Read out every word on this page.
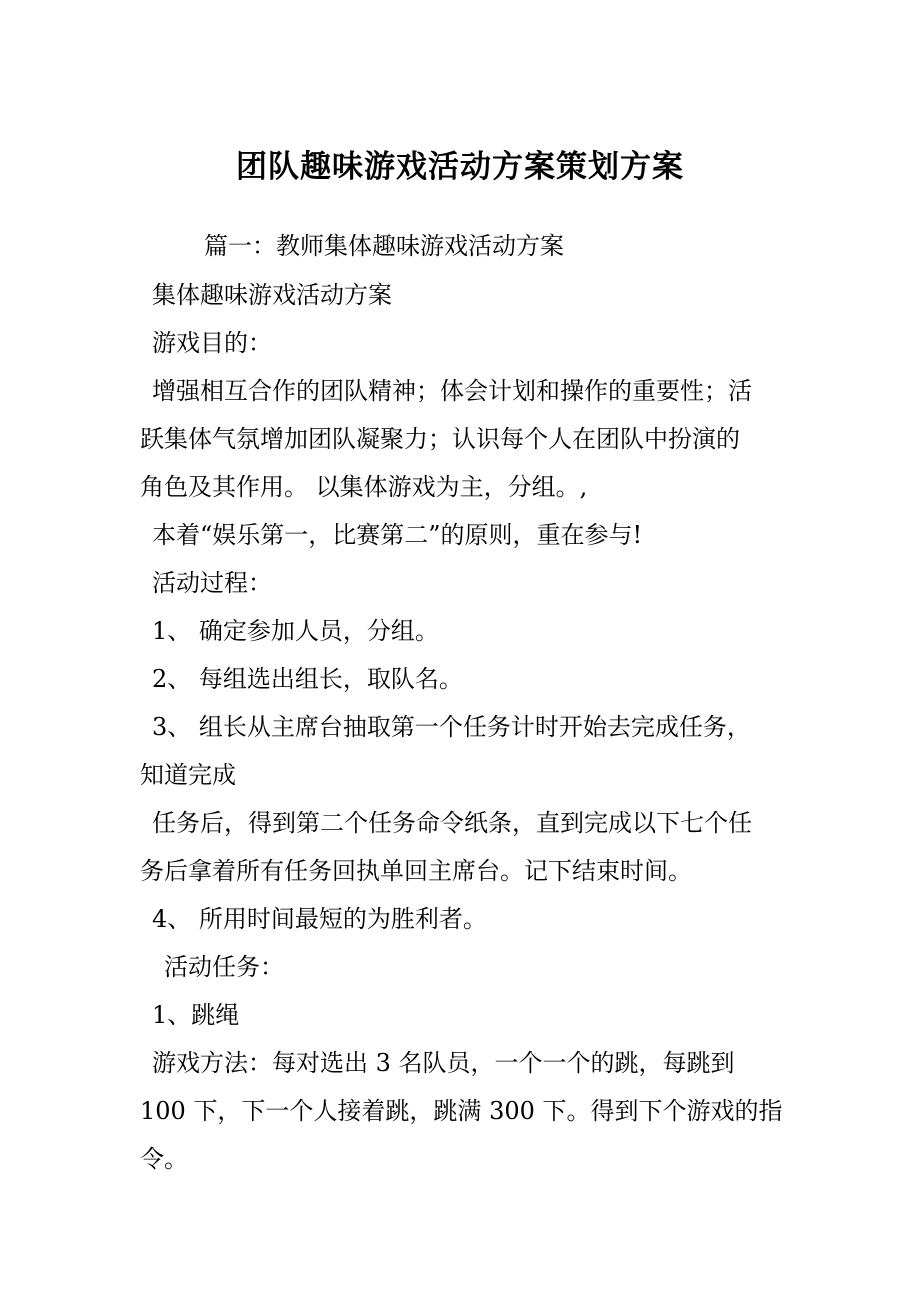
团队趣味游戏活动方案策划方案

篇一：教师集体趣味游戏活动方案

集体趣味游戏活动方案

游戏目的：

增强相互合作的团队精神；体会计划和操作的重要性；活

跃集体气氛增加团队凝聚力；认识每个人在团队中扮演的

角色及其作用。 以集体游戏为主，分组。,

本着“娱乐第一，比赛第二”的原则，重在参与!

活动过程：

1、 确定参加人员，分组。

2、 每组选出组长，取队名。

3、 组长从主席台抽取第一个任务计时开始去完成任务，

知道完成

任务后，得到第二个任务命令纸条，直到完成以下七个任

务后拿着所有任务回执单回主席台。记下结束时间。

4、 所用时间最短的为胜利者。

活动任务：

1、跳绳

游戏方法：每对选出 3 名队员，一个一个的跳，每跳到

100 下，下一个人接着跳，跳满 300 下。得到下个游戏的指

令。
